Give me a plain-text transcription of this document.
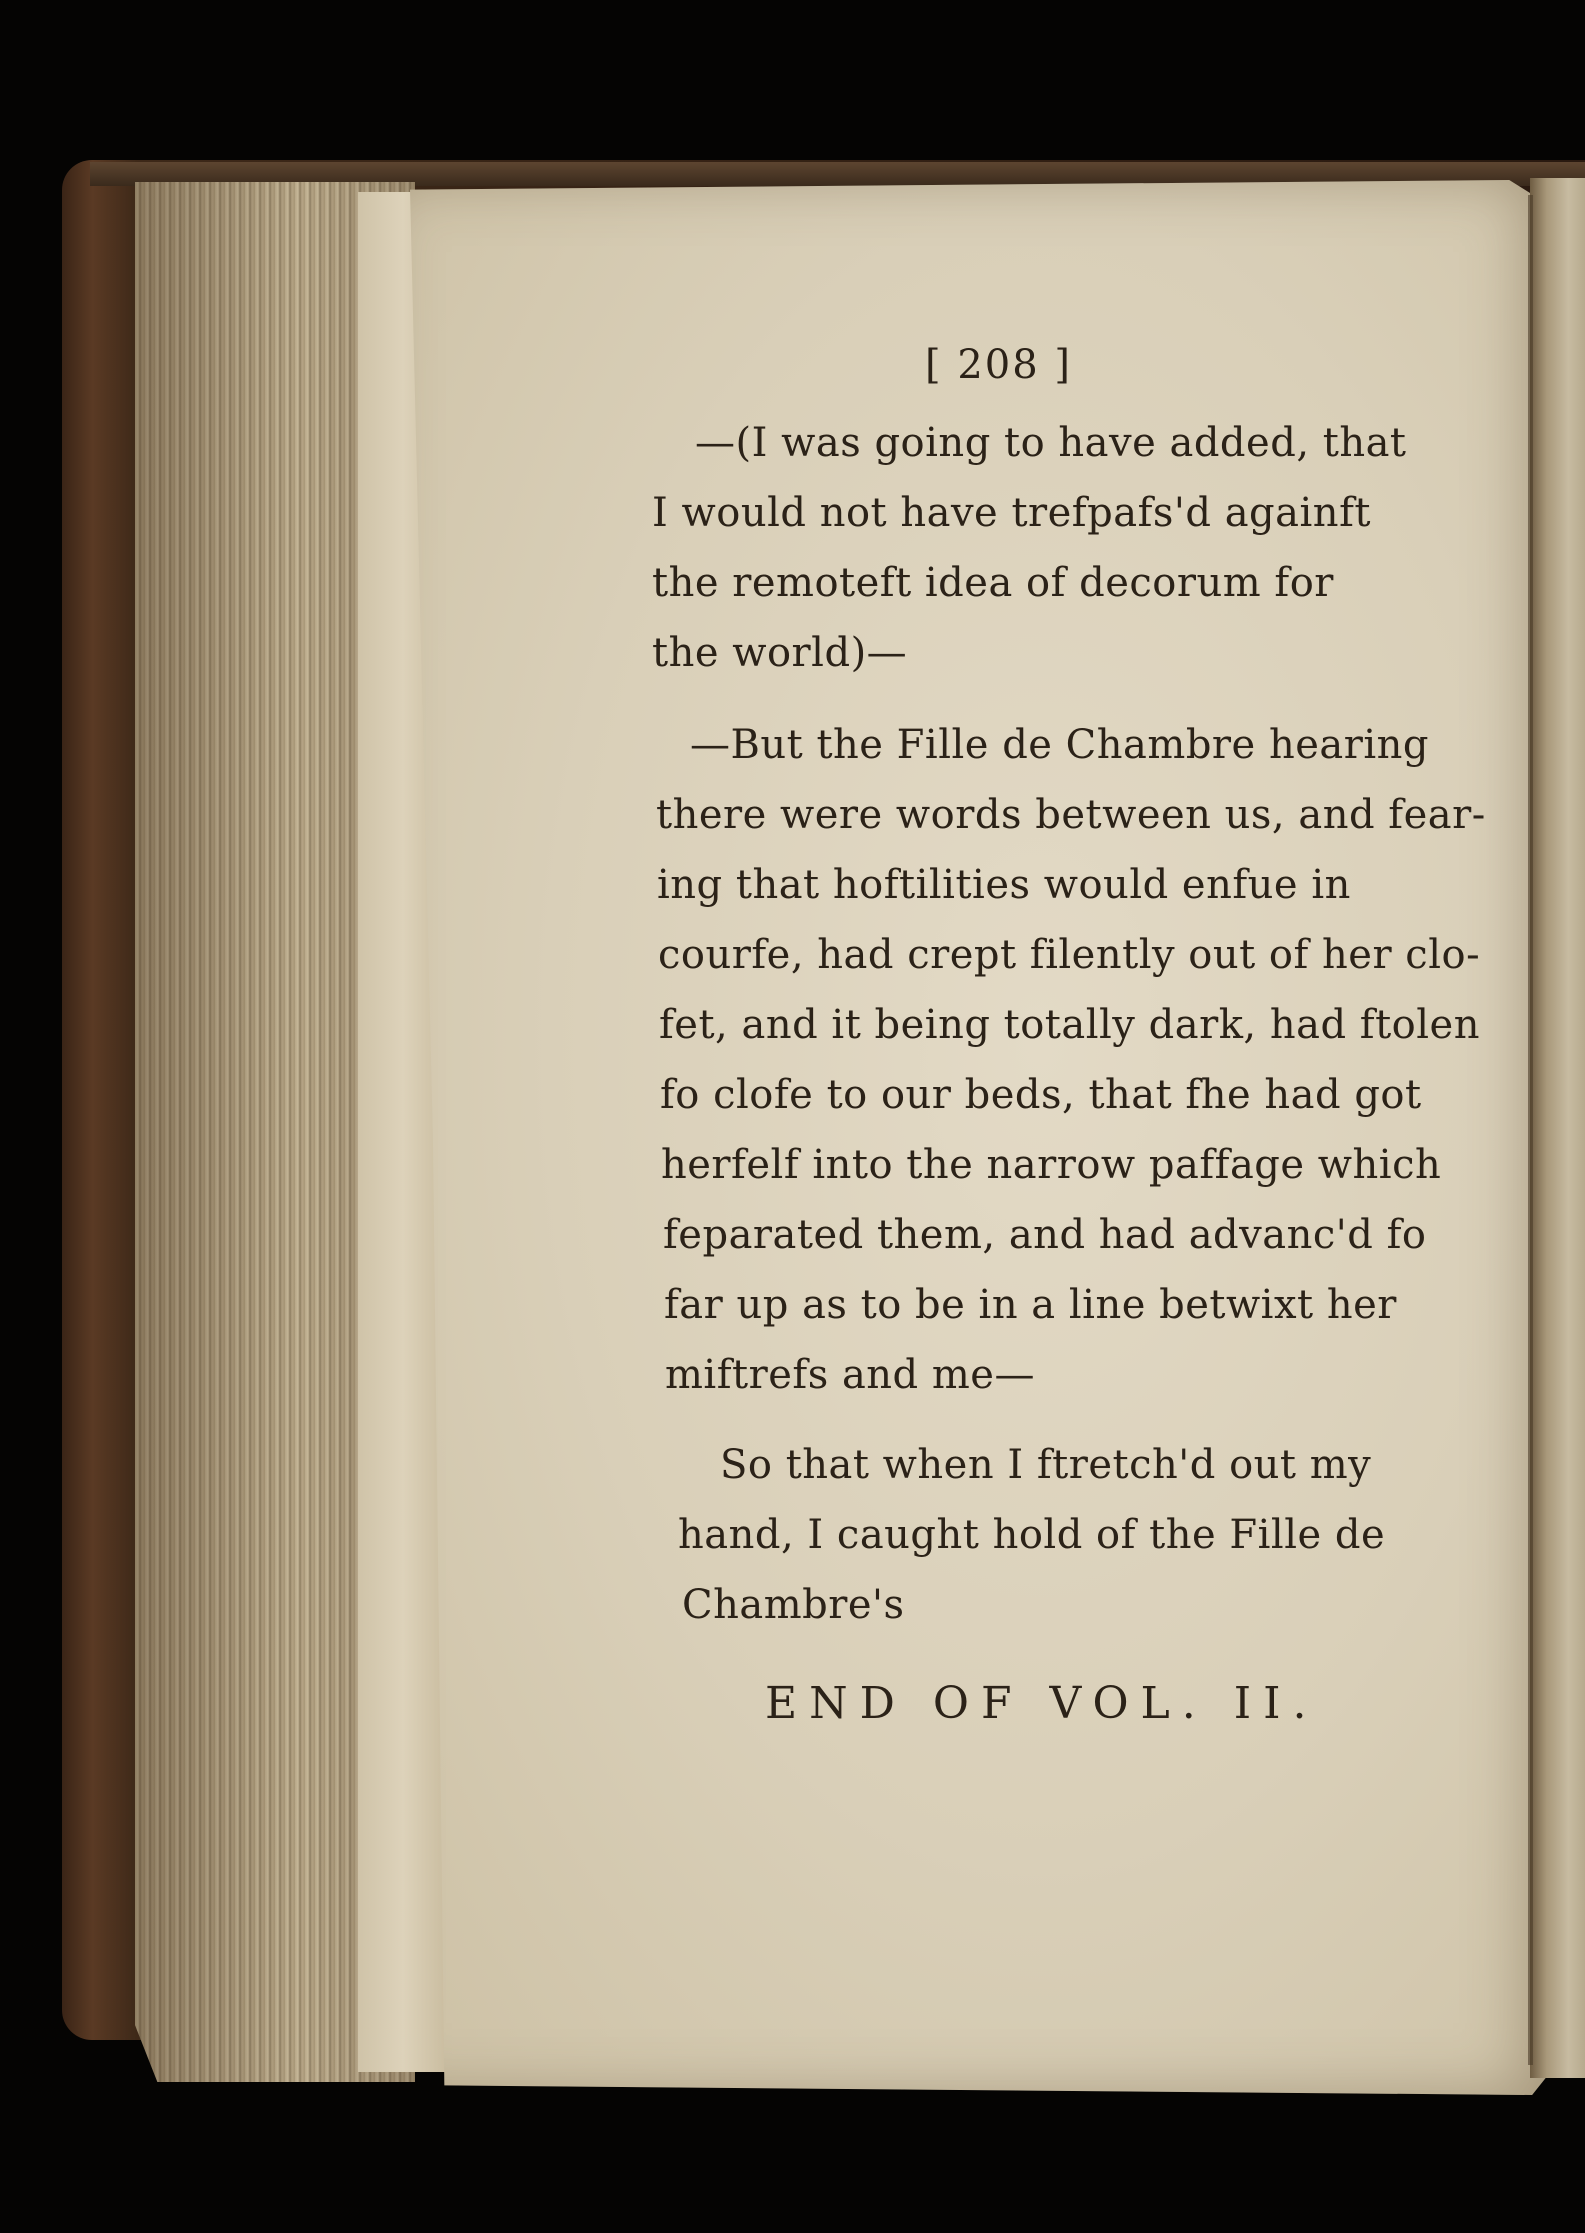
[ 208 ]
—(I was going to have added, that
I would not have trefpafs'd againft
the remoteft idea of decorum for
the world)—
—But the Fille de Chambre hearing
there were words between us, and fear-
ing that hoftilities would enfue in
courfe, had crept filently out of her clo-
fet, and it being totally dark, had ftolen
fo clofe to our beds, that fhe had got
herfelf into the narrow paffage which
feparated them, and had advanc'd fo
far up as to be in a line betwixt her
miftrefs and me—
So that when I ftretch'd out my
hand, I caught hold of the Fille de
Chambre's
END OF VOL. II.
